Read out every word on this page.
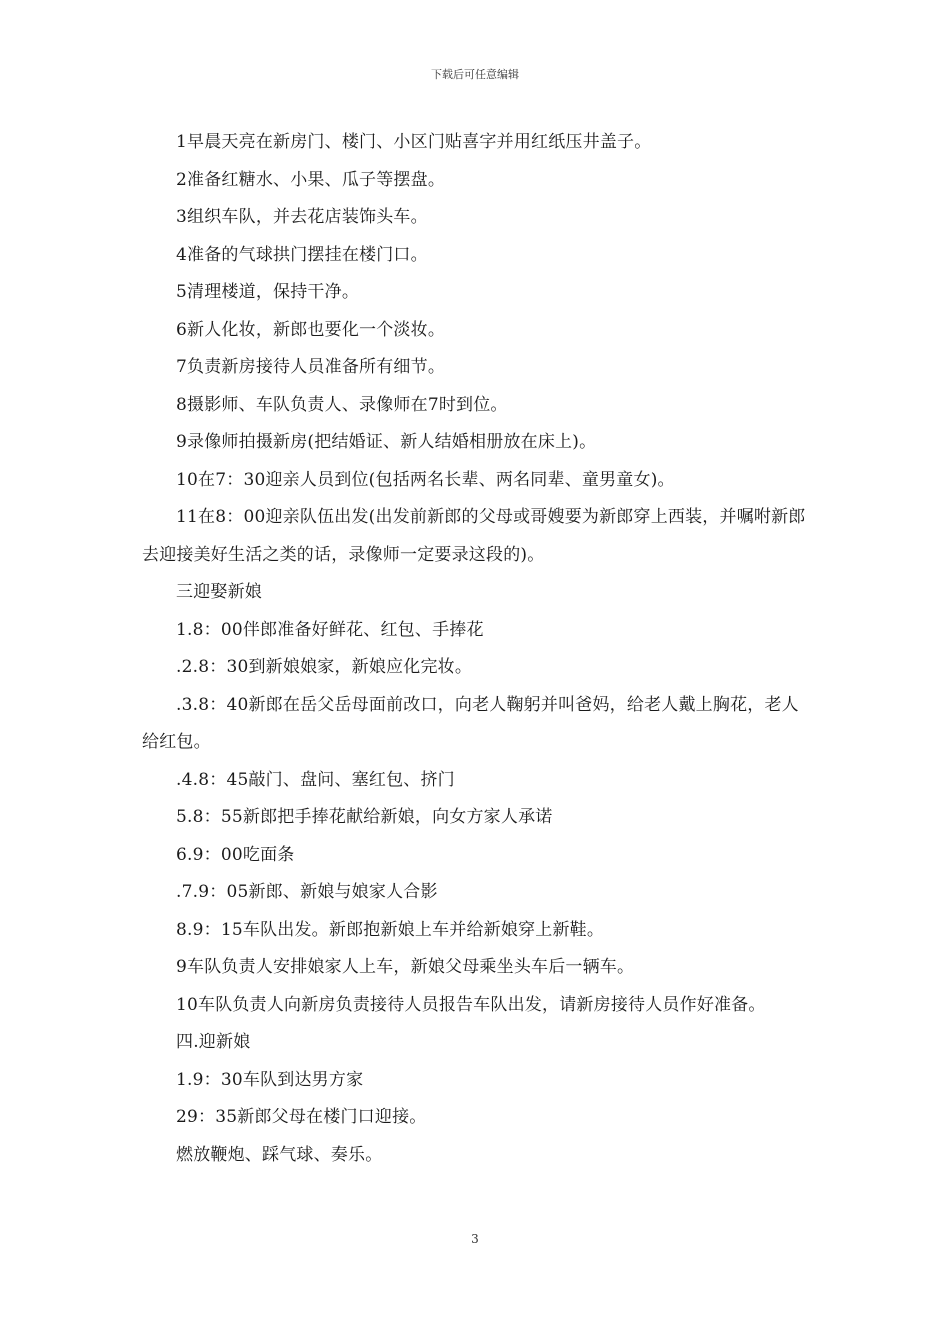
下载后可任意编辑

1早晨天亮在新房门、楼门、小区门贴喜字并用红纸压井盖子。

2准备红糖水、小果、瓜子等摆盘。

3组织车队，并去花店装饰头车。

4准备的气球拱门摆挂在楼门口。

5清理楼道，保持干净。

6新人化妆，新郎也要化一个淡妆。

7负责新房接待人员准备所有细节。

8摄影师、车队负责人、录像师在7时到位。

9录像师拍摄新房(把结婚证、新人结婚相册放在床上)。

10在7：30迎亲人员到位(包括两名长辈、两名同辈、童男童女)。

11在8：00迎亲队伍出发(出发前新郎的父母或哥嫂要为新郎穿上西装，并嘱咐新郎去迎接美好生活之类的话，录像师一定要录这段的)。

三迎娶新娘

1.8：00伴郎准备好鲜花、红包、手捧花

.2.8：30到新娘娘家，新娘应化完妆。

.3.8：40新郎在岳父岳母面前改口，向老人鞠躬并叫爸妈，给老人戴上胸花，老人给红包。

.4.8：45敲门、盘问、塞红包、挤门

5.8：55新郎把手捧花献给新娘，向女方家人承诺

6.9：00吃面条

.7.9：05新郎、新娘与娘家人合影

8.9：15车队出发。新郎抱新娘上车并给新娘穿上新鞋。

9车队负责人安排娘家人上车，新娘父母乘坐头车后一辆车。

10车队负责人向新房负责接待人员报告车队出发，请新房接待人员作好准备。

四.迎新娘

1.9：30车队到达男方家

29：35新郎父母在楼门口迎接。

燃放鞭炮、踩气球、奏乐。

3
